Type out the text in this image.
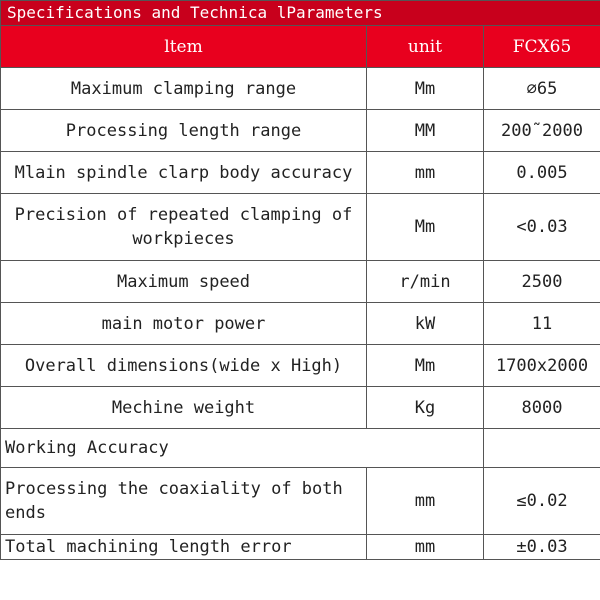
Specifications and Technica lParameters		
ltem	unit	FCX65
Maximum clamping range	Mm	⌀65
Processing length range	MM	200˜2000
Mlain spindle clarp body accuracy	mm	0.005
Precision of repeated clamping of workpieces	Mm	<0.03
Maximum speed	r/min	2500
main motor power	kW	11
Overall dimensions(wide x High)	Mm	1700x2000
Mechine weight	Kg	8000
Working Accuracy		
Processing the coaxiality of both ends	mm	≤0.02
Total machining length error	mm	±0.03
